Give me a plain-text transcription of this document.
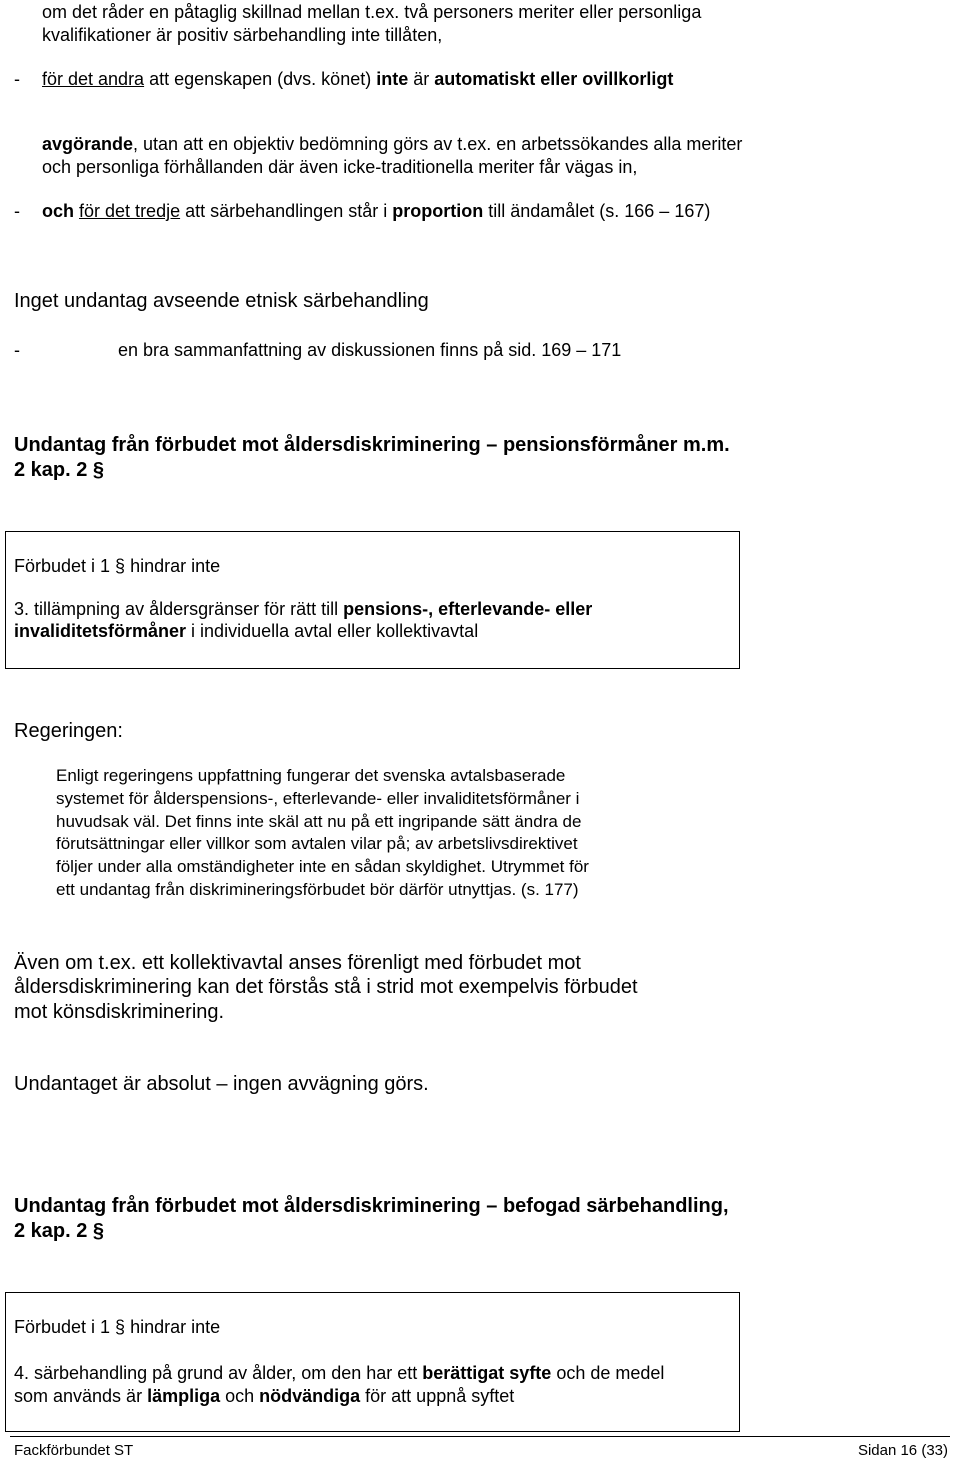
om det råder en påtaglig skillnad mellan t.ex. två personers meriter eller personliga
kvalifikationer är positiv särbehandling inte tillåten,
- för det andra att egenskapen (dvs. könet) inte är automatiskt eller ovillkorligt
avgörande, utan att en objektiv bedömning görs av t.ex. en arbetssökandes alla meriter
och personliga förhållanden där även icke-traditionella meriter får vägas in,
- och för det tredje att särbehandlingen står i proportion till ändamålet (s. 166 – 167)
Inget undantag avseende etnisk särbehandling
-	en bra sammanfattning av diskussionen finns på sid. 169 – 171
Undantag från förbudet mot åldersdiskriminering – pensionsförmåner m.m.
2 kap. 2 §
Förbudet i 1 § hindrar inte
3. tillämpning av åldersgränser för rätt till pensions-, efterlevande- eller
invaliditetsförmåner i individuella avtal eller kollektivavtal
Regeringen:
Enligt regeringens uppfattning fungerar det svenska avtalsbaserade
systemet för ålderspensions-, efterlevande- eller invaliditetsförmåner i
huvudsak väl. Det finns inte skäl att nu på ett ingripande sätt ändra de
förutsättningar eller villkor som avtalen vilar på; av arbetslivsdirektivet
följer under alla omständigheter inte en sådan skyldighet. Utrymmet för
ett undantag från diskrimineringsförbudet bör därför utnyttjas. (s. 177)
Även om t.ex. ett kollektivavtal anses förenligt med förbudet mot
åldersdiskriminering kan det förstås stå i strid mot exempelvis förbudet
mot könsdiskriminering.
Undantaget är absolut – ingen avvägning görs.
Undantag från förbudet mot åldersdiskriminering – befogad särbehandling,
2 kap. 2 §
Förbudet i 1 § hindrar inte
4. särbehandling på grund av ålder, om den har ett berättigat syfte och de medel
som används är lämpliga och nödvändiga för att uppnå syftet
Fackförbundet ST	Sidan 16 (33)
